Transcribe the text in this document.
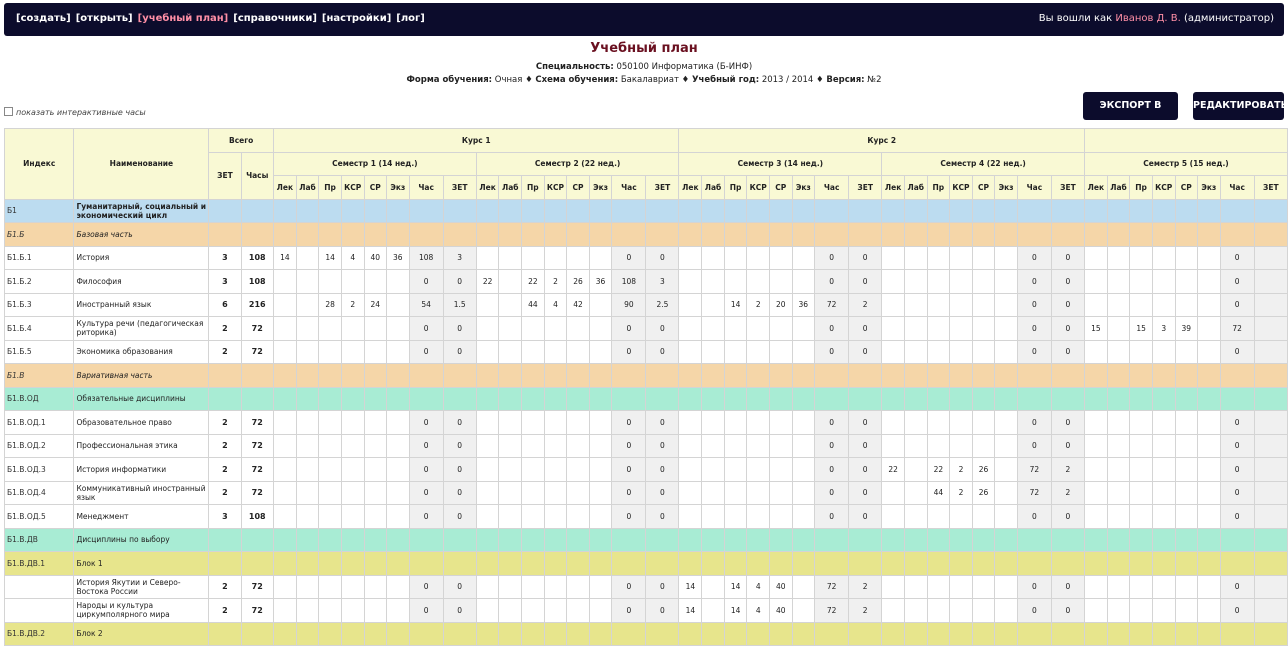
[создать] [открыть] [учебный план] [справочники] [настройки] [лог]	Вы вошли как Иванов Д. В. (администратор)
Учебный план
Специальность: 050100 Информатика (Б-ИНФ)
Форма обучения: Очная ♦ Схема обучения: Бакалавриат ♦ Учебный год: 2013 / 2014 ♦ Версия: №2
показать интерактивные часы
ЭКСПОРТ В	РЕДАКТИРОВАТЬ
Индекс	Наименование	Всего		Курс 1																Курс 2																							
		ЗЕТ	Часы	Семестр 1 (14 нед.)								Семестр 2 (22 нед.)								Семестр 3 (14 нед.)								Семестр 4 (22 нед.)								Семестр 5 (15 нед.)							
				Лек	Лаб	Пр	КСР	СР	Экз	Час	ЗЕТ	Лек	Лаб	Пр	КСР	СР	Экз	Час	ЗЕТ	Лек	Лаб	Пр	КСР	СР	Экз	Час	ЗЕТ	Лек	Лаб	Пр	КСР	СР	Экз	Час	ЗЕТ	Лек	Лаб	Пр	КСР	СР	Экз	Час	ЗЕТ
Б1	Гуманитарный, социальный и экономический цикл																																										
Б1.Б	Базовая часть																																										
Б1.Б.1	История	3	108	14		14	4	40	36	108	3							0	0							0	0							0	0							0	
Б1.Б.2	Философия	3	108							0	0	22		22	2	26	36	108	3							0	0							0	0							0	
Б1.Б.3	Иностранный язык	6	216			28	2	24		54	1.5			44	4	42		90	2.5			14	2	20	36	72	2							0	0							0	
Б1.Б.4	Культура речи (педагогическая риторика)	2	72							0	0							0	0							0	0							0	0	15		15	3	39		72	
Б1.Б.5	Экономика образования	2	72							0	0							0	0							0	0							0	0							0	
Б1.В	Вариативная часть																																										
Б1.В.ОД	Обязательные дисциплины																																										
Б1.В.ОД.1	Образовательное право	2	72							0	0							0	0							0	0							0	0							0	
Б1.В.ОД.2	Профессиональная этика	2	72							0	0							0	0							0	0							0	0							0	
Б1.В.ОД.3	История информатики	2	72							0	0							0	0							0	0	22		22	2	26		72	2							0	
Б1.В.ОД.4	Коммуникативный иностранный язык	2	72							0	0							0	0							0	0			44	2	26		72	2							0	
Б1.В.ОД.5	Менеджмент	3	108							0	0							0	0							0	0							0	0							0	
Б1.В.ДВ	Дисциплины по выбору																																										
Б1.В.ДВ.1	Блок 1																																										
	История Якутии и Северо-Востока России	2	72							0	0							0	0	14		14	4	40		72	2							0	0							0	
	Народы и культура циркумполярного мира	2	72							0	0							0	0	14		14	4	40		72	2							0	0							0	
Б1.В.ДВ.2	Блок 2																																										
